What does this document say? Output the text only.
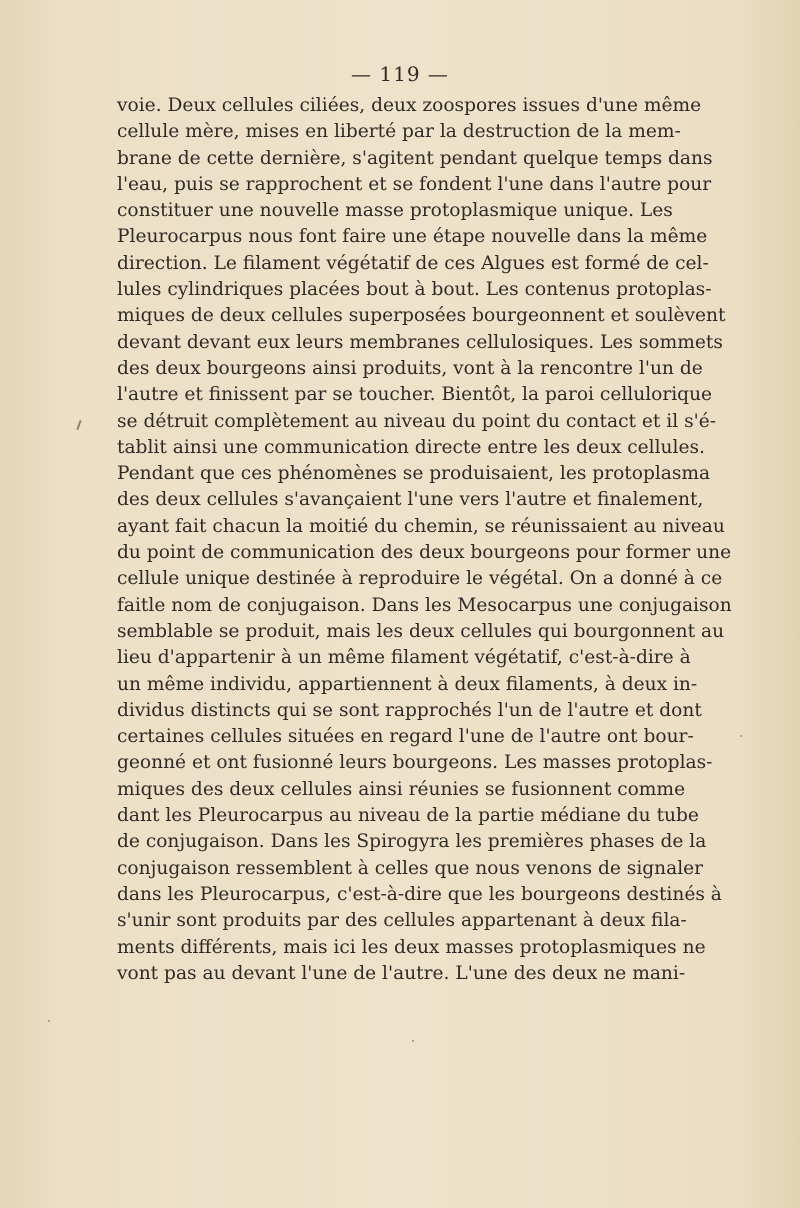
— 119 —
voie. Deux cellules ciliées, deux zoospores issues d'une même
cellule mère, mises en liberté par la destruction de la mem-
brane de cette dernière, s'agitent pendant quelque temps dans
l'eau, puis se rapprochent et se fondent l'une dans l'autre pour
constituer une nouvelle masse protoplasmique unique. Les
Pleurocarpus nous font faire une étape nouvelle dans la même
direction. Le filament végétatif de ces Algues est formé de cel-
lules cylindriques placées bout à bout. Les contenus protoplas-
miques de deux cellules superposées bourgeonnent et soulèvent
devant devant eux leurs membranes cellulosiques. Les sommets
des deux bourgeons ainsi produits, vont à la rencontre l'un de
l'autre et finissent par se toucher. Bientôt, la paroi cellulorique
se détruit complètement au niveau du point du contact et il s'é-
tablit ainsi une communication directe entre les deux cellules.
Pendant que ces phénomènes se produisaient, les protoplasma
des deux cellules s'avançaient l'une vers l'autre et finalement,
ayant fait chacun la moitié du chemin, se réunissaient au niveau
du point de communication des deux bourgeons pour former une
cellule unique destinée à reproduire le végétal. On a donné à ce
faitle nom de conjugaison. Dans les Mesocarpus une conjugaison
semblable se produit, mais les deux cellules qui bourgonnent au
lieu d'appartenir à un même filament végétatif, c'est-à-dire à
un même individu, appartiennent à deux filaments, à deux in-
dividus distincts qui se sont rapprochés l'un de l'autre et dont
certaines cellules situées en regard l'une de l'autre ont bour-
geonné et ont fusionné leurs bourgeons. Les masses protoplas-
miques des deux cellules ainsi réunies se fusionnent comme
dant les Pleurocarpus au niveau de la partie médiane du tube
de conjugaison. Dans les Spirogyra les premières phases de la
conjugaison ressemblent à celles que nous venons de signaler
dans les Pleurocarpus, c'est-à-dire que les bourgeons destinés à
s'unir sont produits par des cellules appartenant à deux fila-
ments différents, mais ici les deux masses protoplasmiques ne
vont pas au devant l'une de l'autre. L'une des deux ne mani-
